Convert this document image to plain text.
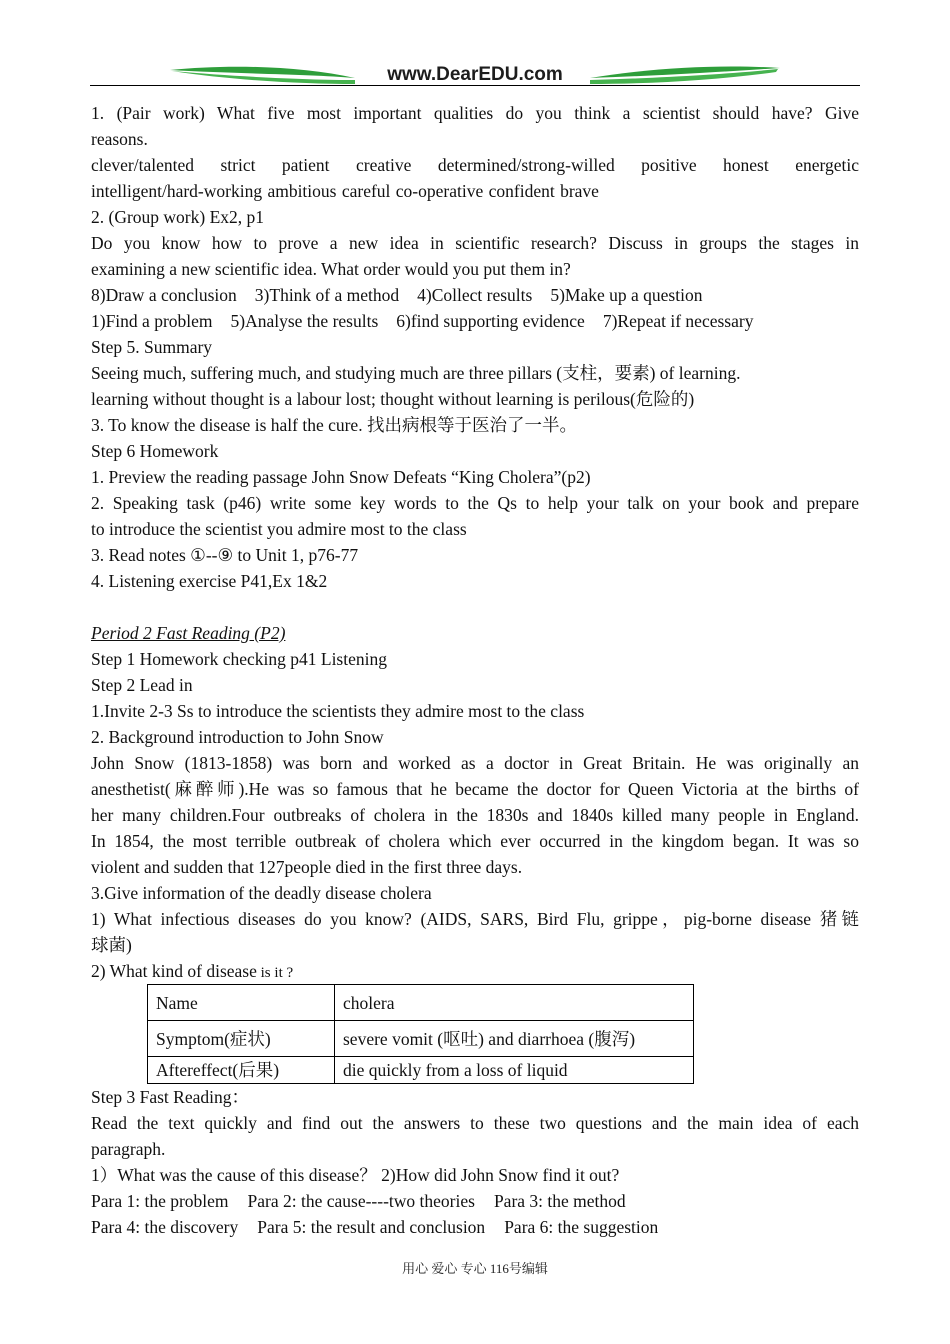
www.DearEDU.com
1. (Pair work) What five most important qualities do you think a scientist should have? Give
reasons.
clever/talented strict patient creative determined/strong-willed positive honest energetic
intelligent/hard-working ambitious careful co-operative confident brave
2. (Group work) Ex2, p1
Do you know how to prove a new idea in scientific research? Discuss in groups the stages in
examining a new scientific idea. What order would you put them in?
8)Draw a conclusion 3)Think of a method 4)Collect results 5)Make up a question
1)Find a problem 5)Analyse the results 6)find supporting evidence 7)Repeat if necessary
Step 5. Summary
Seeing much, suffering much, and studying much are three pillars (支柱，要素) of learning.
learning without thought is a labour lost; thought without learning is perilous(危险的)
3. To know the disease is half the cure. 找出病根等于医治了一半。
Step 6 Homework
1. Preview the reading passage John Snow Defeats “King Cholera”(p2)
2. Speaking task (p46) write some key words to the Qs to help your talk on your book and prepare
to introduce the scientist you admire most to the class
3. Read notes ①--⑨ to Unit 1, p76-77
4. Listening exercise P41,Ex 1&2
Period 2 Fast Reading (P2)
Step 1 Homework checking p41 Listening
Step 2 Lead in
1.Invite 2-3 Ss to introduce the scientists they admire most to the class
2. Background introduction to John Snow
John Snow (1813-1858) was born and worked as a doctor in Great Britain. He was originally an
anesthetist(麻醉师).He was so famous that he became the doctor for Queen Victoria at the births of
her many children.Four outbreaks of cholera in the 1830s and 1840s killed many people in England.
In 1854, the most terrible outbreak of cholera which ever occurred in the kingdom began. It was so
violent and sudden that 127people died in the first three days.
3.Give information of the deadly disease cholera
1) What infectious diseases do you know? (AIDS, SARS, Bird Flu, grippe，pig-borne disease 猪链
球菌)
2) What kind of disease is it ?
Name	cholera
Symptom(症状)	severe vomit (呕吐) and diarrhoea (腹泻)
Aftereffect(后果)	die quickly from a loss of liquid
Step 3 Fast Reading：
Read the text quickly and find out the answers to these two questions and the main idea of each
paragraph.
1）What was the cause of this disease？ 2)How did John Snow find it out?
Para 1: the problem Para 2: the cause----two theories Para 3: the method
Para 4: the discovery Para 5: the result and conclusion Para 6: the suggestion
用心 爱心 专心 116号编辑
